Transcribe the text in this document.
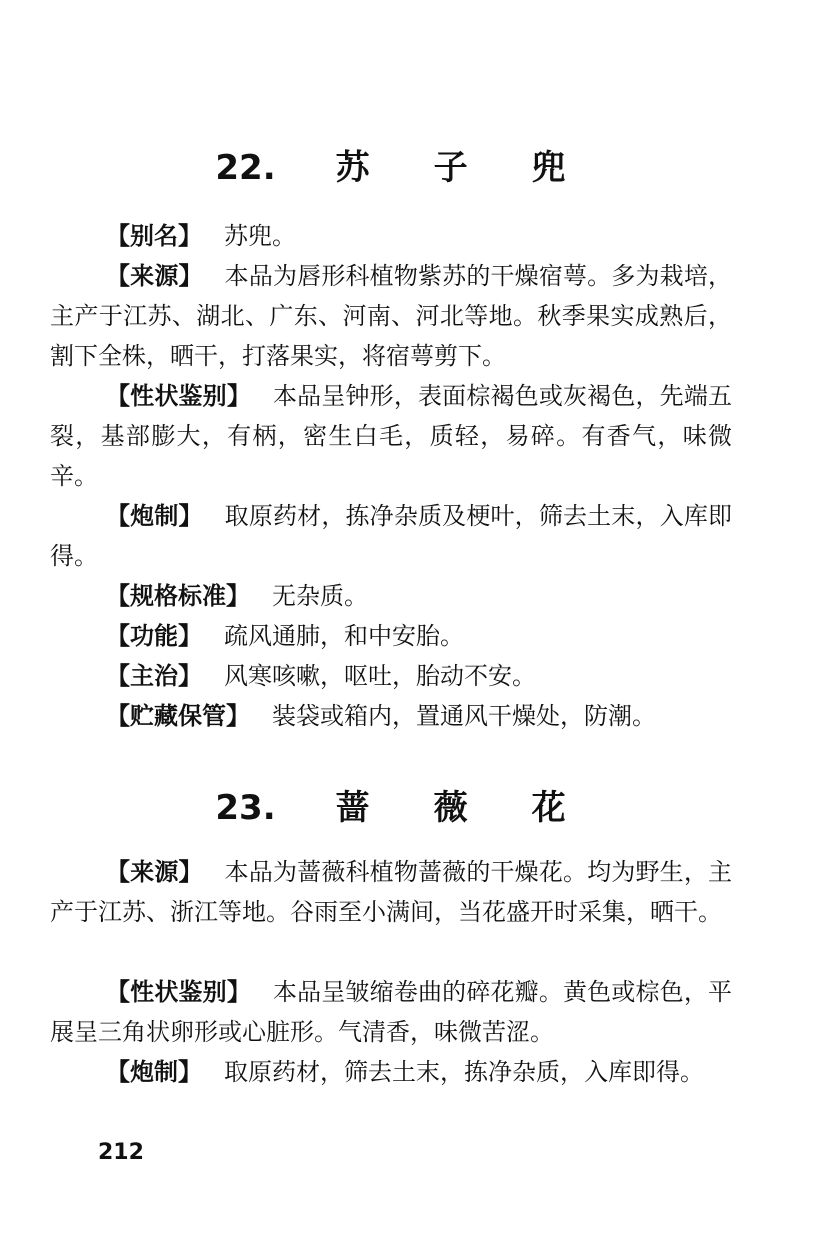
22. 苏 子 兜
【别名】 苏兜。
【来源】 本品为唇形科植物紫苏的干燥宿萼。多为栽培，主产于江苏、湖北、广东、河南、河北等地。秋季果实成熟后，割下全株，晒干，打落果实，将宿萼剪下。
【性状鉴别】 本品呈钟形，表面棕褐色或灰褐色，先端五裂，基部膨大，有柄，密生白毛，质轻，易碎。有香气，味微辛。
【炮制】 取原药材，拣净杂质及梗叶，筛去土末，入库即得。
【规格标准】 无杂质。
【功能】 疏风通肺，和中安胎。
【主治】 风寒咳嗽，呕吐，胎动不安。
【贮藏保管】 装袋或箱内，置通风干燥处，防潮。
23. 蔷 薇 花
【来源】 本品为蔷薇科植物蔷薇的干燥花。均为野生，主产于江苏、浙江等地。谷雨至小满间，当花盛开时采集，晒干。
【性状鉴别】 本品呈皱缩卷曲的碎花瓣。黄色或棕色，平展呈三角状卵形或心脏形。气清香，味微苦涩。
【炮制】 取原药材，筛去土末，拣净杂质，入库即得。
212
